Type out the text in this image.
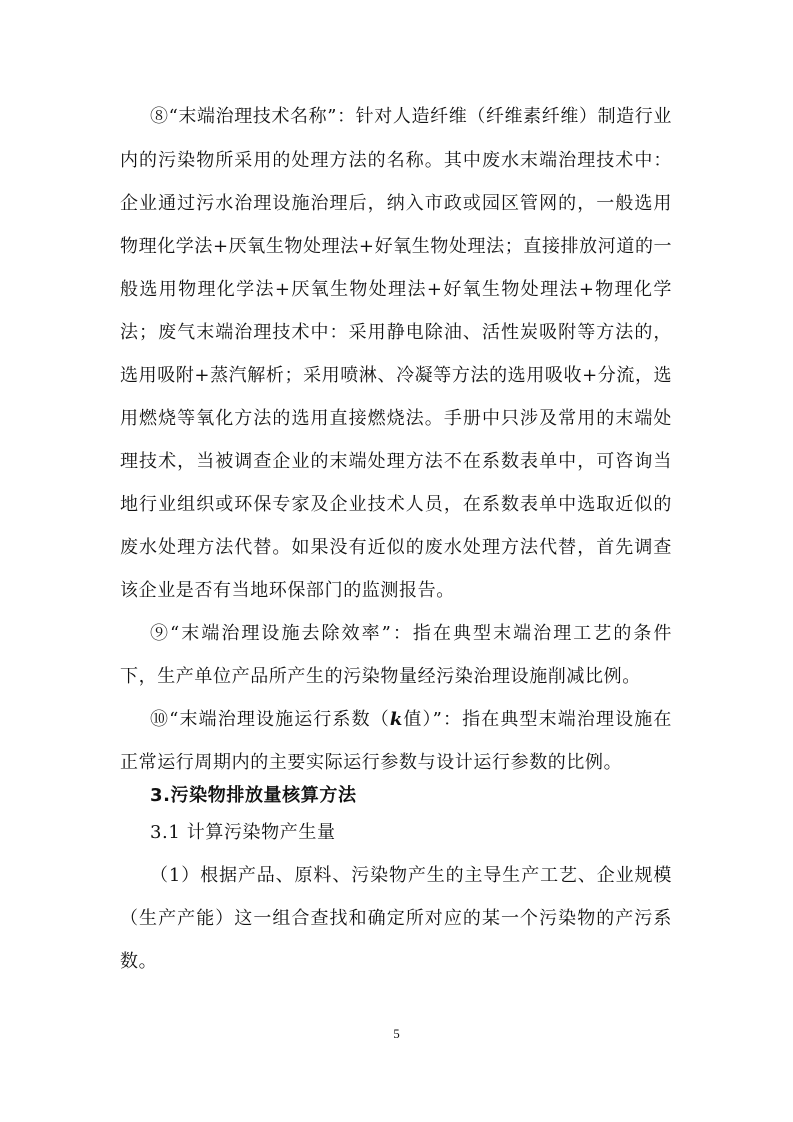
⑧“末端治理技术名称”：针对人造纤维（纤维素纤维）制造行业
内的污染物所采用的处理方法的名称。其中废水末端治理技术中：
企业通过污水治理设施治理后，纳入市政或园区管网的，一般选用
物理化学法+厌氧生物处理法+好氧生物处理法；直接排放河道的一
般选用物理化学法+厌氧生物处理法+好氧生物处理法+物理化学
法；废气末端治理技术中：采用静电除油、活性炭吸附等方法的，
选用吸附+蒸汽解析；采用喷淋、冷凝等方法的选用吸收+分流，选
用燃烧等氧化方法的选用直接燃烧法。手册中只涉及常用的末端处
理技术，当被调查企业的末端处理方法不在系数表单中，可咨询当
地行业组织或环保专家及企业技术人员，在系数表单中选取近似的
废水处理方法代替。如果没有近似的废水处理方法代替，首先调查
该企业是否有当地环保部门的监测报告。
⑨“末端治理设施去除效率”：指在典型末端治理工艺的条件
下，生产单位产品所产生的污染物量经污染治理设施削减比例。
⑩“末端治理设施运行系数（k值）”：指在典型末端治理设施在
正常运行周期内的主要实际运行参数与设计运行参数的比例。
3.污染物排放量核算方法
3.1 计算污染物产生量
（1）根据产品、原料、污染物产生的主导生产工艺、企业规模
（生产产能）这一组合查找和确定所对应的某一个污染物的产污系
数。
5
